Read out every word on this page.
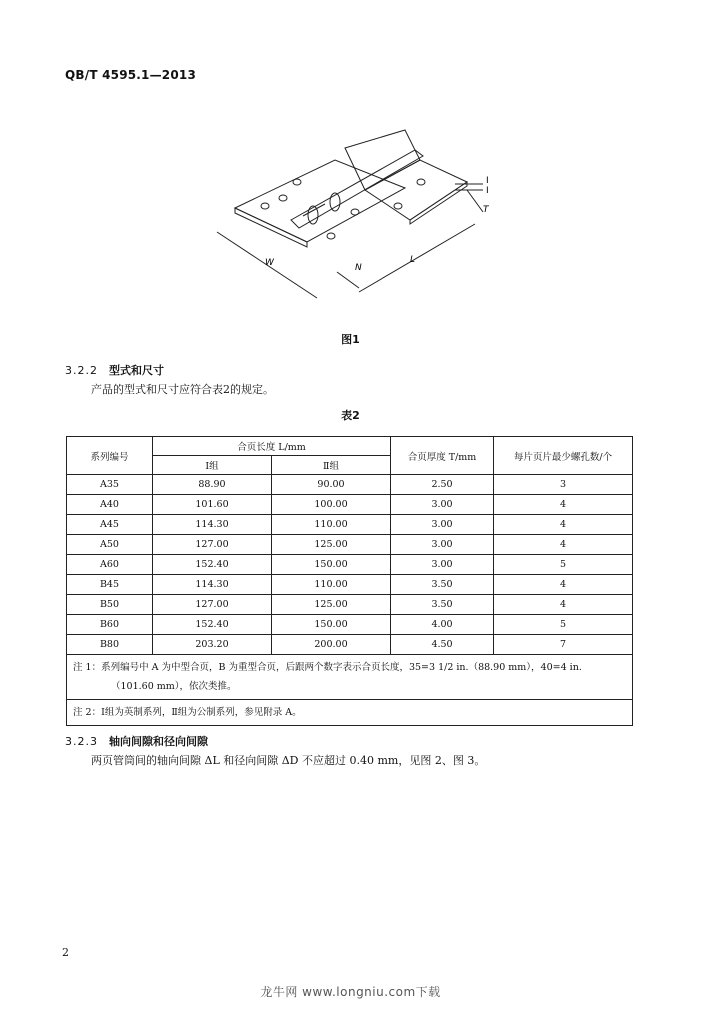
QB/T 4595.1—2013
W	N
L
T
I
I
图1
3.2.2 型式和尺寸
产品的型式和尺寸应符合表2的规定。
表2
系列编号	合页长度 L/mm		合页厚度 T/mm	每片页片最少螺孔数/个
	Ⅰ组	Ⅱ组		
A35	88.90	90.00	2.50	3
A40	101.60	100.00	3.00	4
A45	114.30	110.00	3.00	4
A50	127.00	125.00	3.00	4
A60	152.40	150.00	3.00	5
B45	114.30	110.00	3.50	4
B50	127.00	125.00	3.50	4
B60	152.40	150.00	4.00	5
B80	203.20	200.00	4.50	7

注 1：系列编号中 A 为中型合页，B 为重型合页，后跟两个数字表示合页长度，35=3 1/2 in.（88.90 mm），40=4 in.
（101.60 mm），依次类推。				

注 2：Ⅰ组为英制系列，Ⅱ组为公制系列，参见附录 A。				
3.2.3 轴向间隙和径向间隙
两页管筒间的轴向间隙 ΔL 和径向间隙 ΔD 不应超过 0.40 mm，见图 2、图 3。
2
龙牛网 www.longniu.com下载
